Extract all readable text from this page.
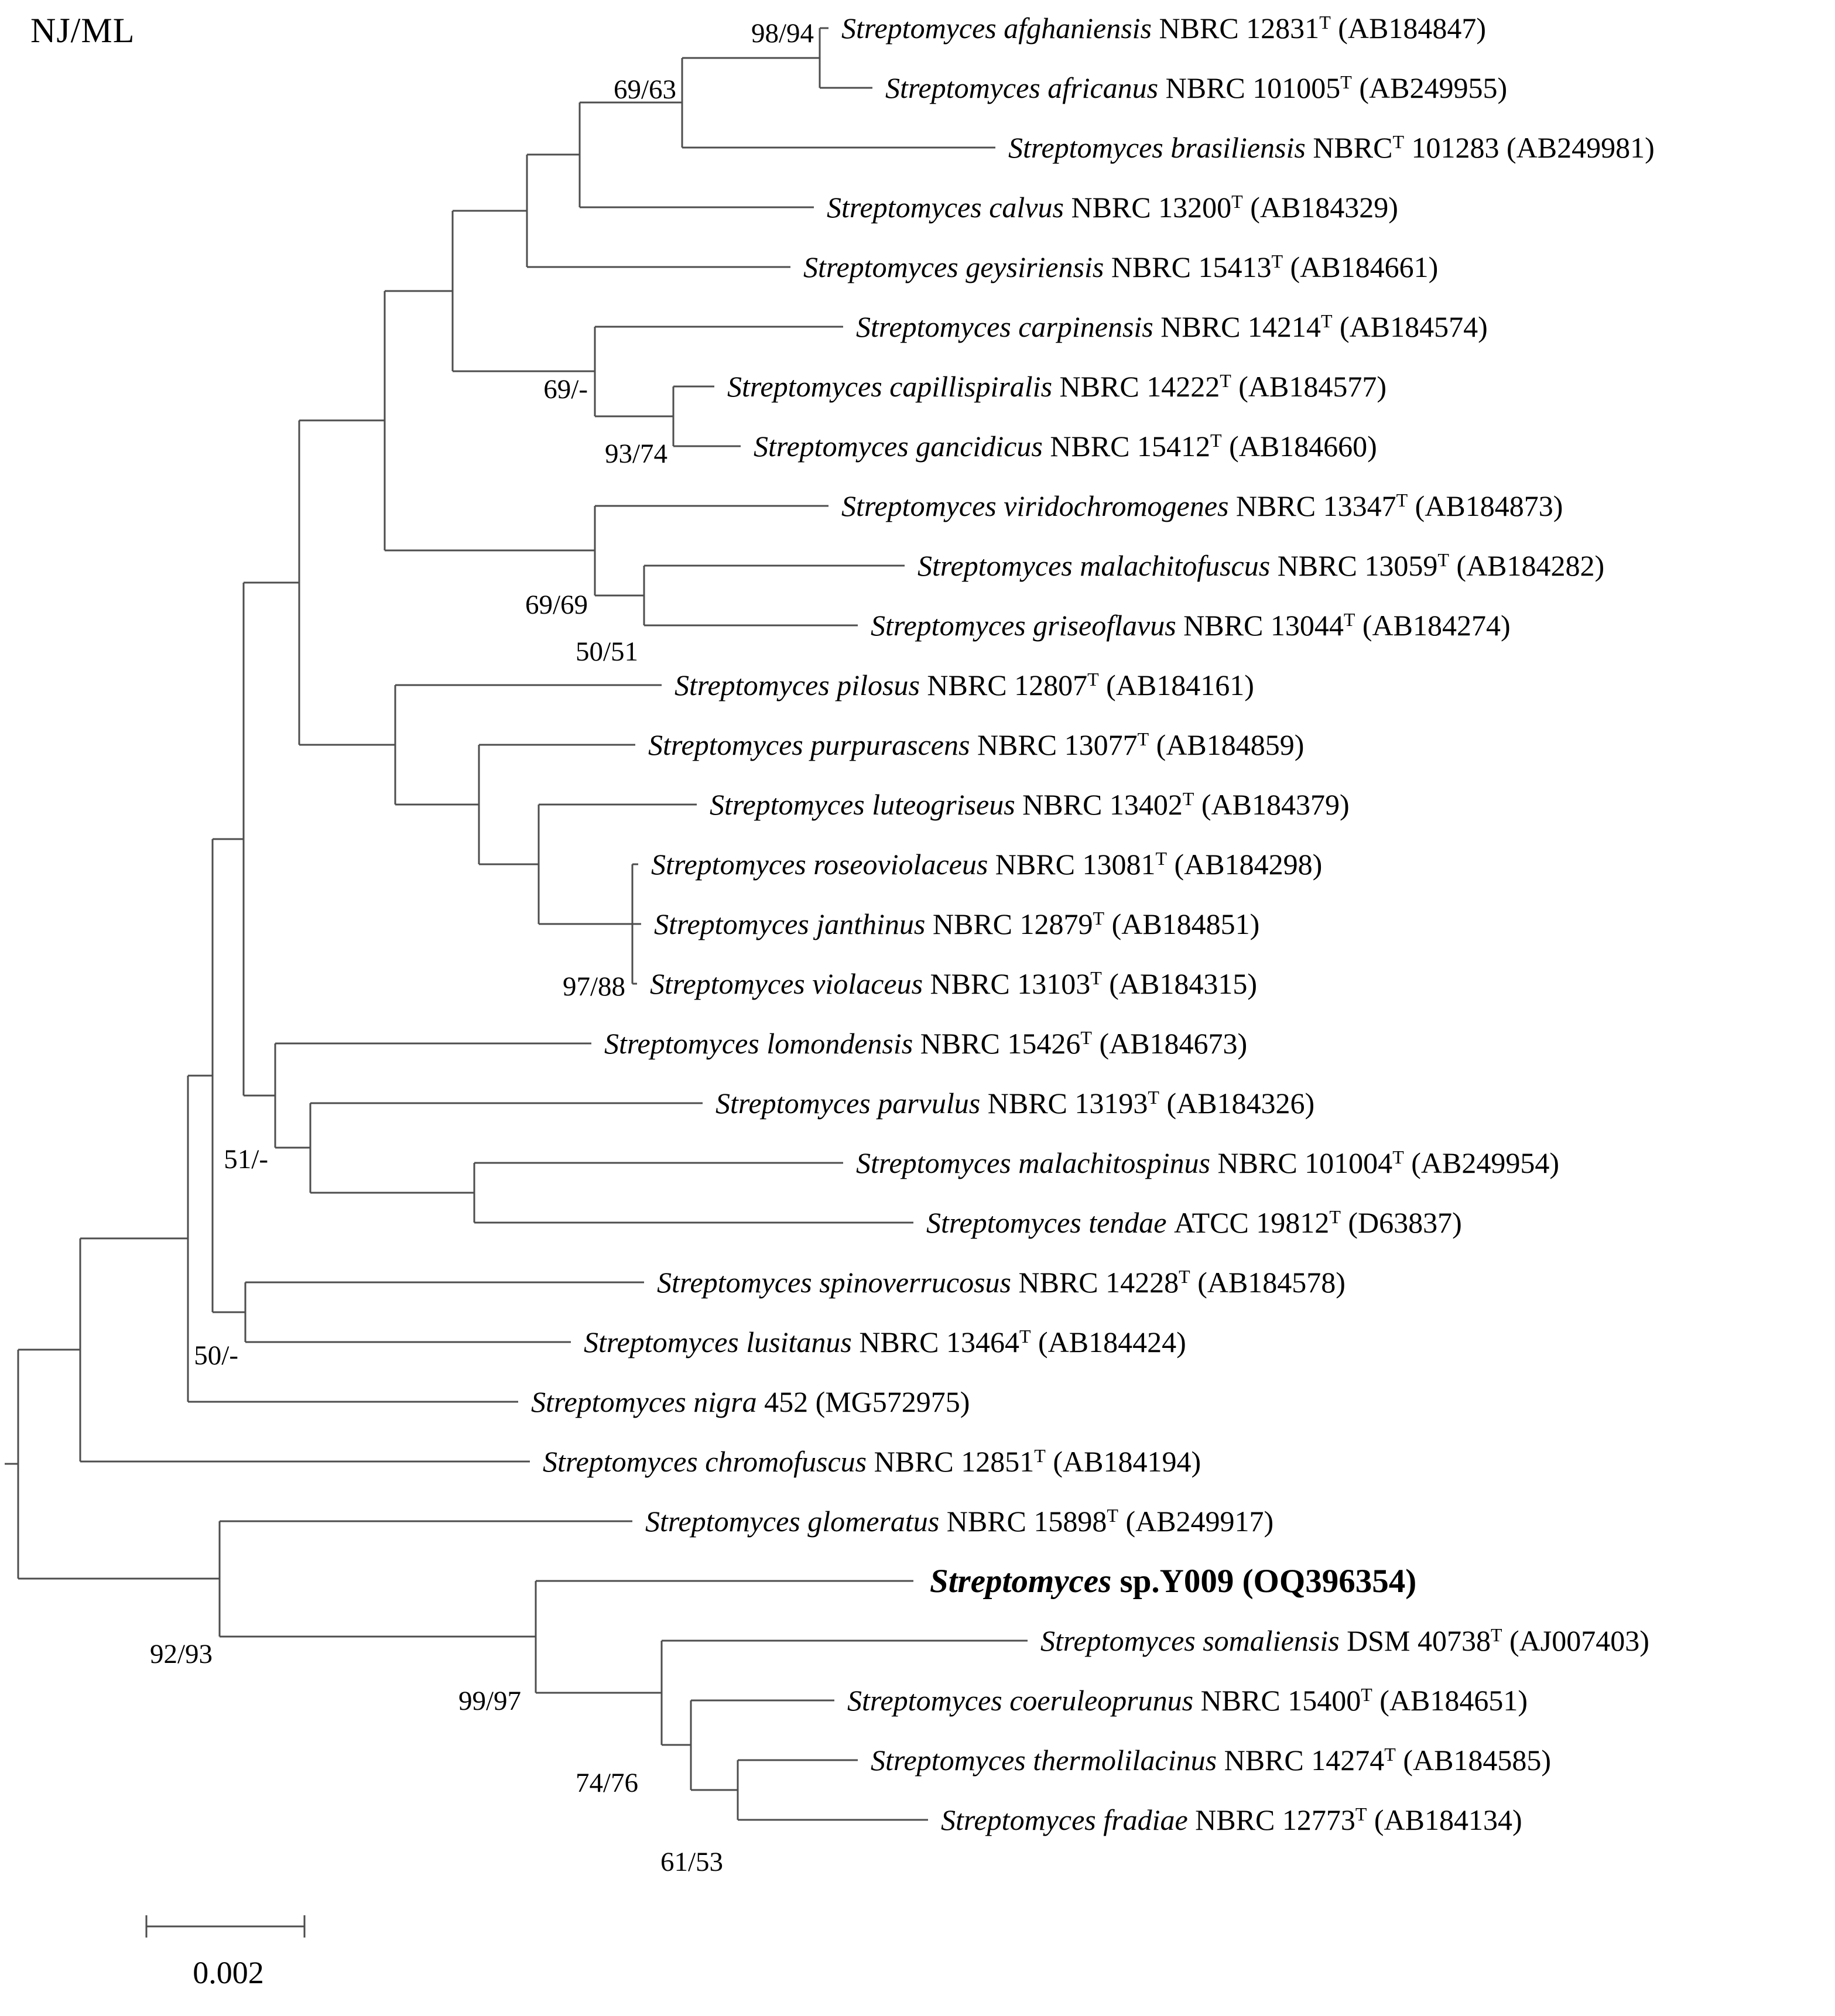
Streptomyces afghaniensis NBRC $12831^T$ (AB184847)
Streptomyces africanus NBRC $101005^T$ (AB249955)
Streptomyces brasiliensis $NBRC^T$ 101283 (AB249981)
Streptomyces calvus NBRC $13200^T$ (AB184329)
Streptomyces geysiriensis NBRC $15413^T$ (AB184661)
Streptomyces carpinensis NBRC $14214^T$ (AB184574)
Streptomyces capillispiralis NBRC $14222^T$ (AB184577)
Streptomyces gancidicus NBRC $15412^T$ (AB184660)
Streptomyces viridochromogenes NBRC $13347^T$ (AB184873)
Streptomyces malachitofuscus NBRC $13059^T$ (AB184282)
Streptomyces griseoflavus NBRC $13044^T$ (AB184274)
Streptomyces pilosus NBRC $12807^T$ (AB184161)
Streptomyces purpurascens NBRC $13077^T$ (AB184859)
Streptomyces luteogriseus NBRC $13402^T$ (AB184379)
Streptomyces roseoviolaceus NBRC $13081^T$ (AB184298)
Streptomyces janthinus NBRC $12879^T$ (AB184851)
Streptomyces violaceus NBRC $13103^T$ (AB184315)
Streptomyces lomondensis NBRC $15426^T$ (AB184673)
Streptomyces parvulus NBRC $13193^T$ (AB184326)
Streptomyces malachitospinus NBRC $101004^T$ (AB249954)
Streptomyces tendae ATCC $19812^T$ (D63837)
Streptomyces spinoverrucosus NBRC $14228^T$ (AB184578)
Streptomyces lusitanus NBRC $13464^T$ (AB184424)
Streptomyces nigra 452 (MG572975)
Streptomyces chromofuscus NBRC $12851^T$ (AB184194)
Streptomyces glomeratus NBRC $15898^T$ (AB249917)
Streptomyces sp.Y009 (OQ396354)
Streptomyces somaliensis DSM $40738^T$ (AJ007403)
Streptomyces coeruleoprunus NBRC $15400^T$ (AB184651)
Streptomyces thermolilacinus NBRC $14274^T$ (AB184585)
Streptomyces fradiae NBRC $12773^T$ (AB184134)
98/94
69/63
69/-
93/74
69/69
50/51
97/88
51/-
50/-
92/93
99/97
74/76
61/53
NJ/ML
0.002
